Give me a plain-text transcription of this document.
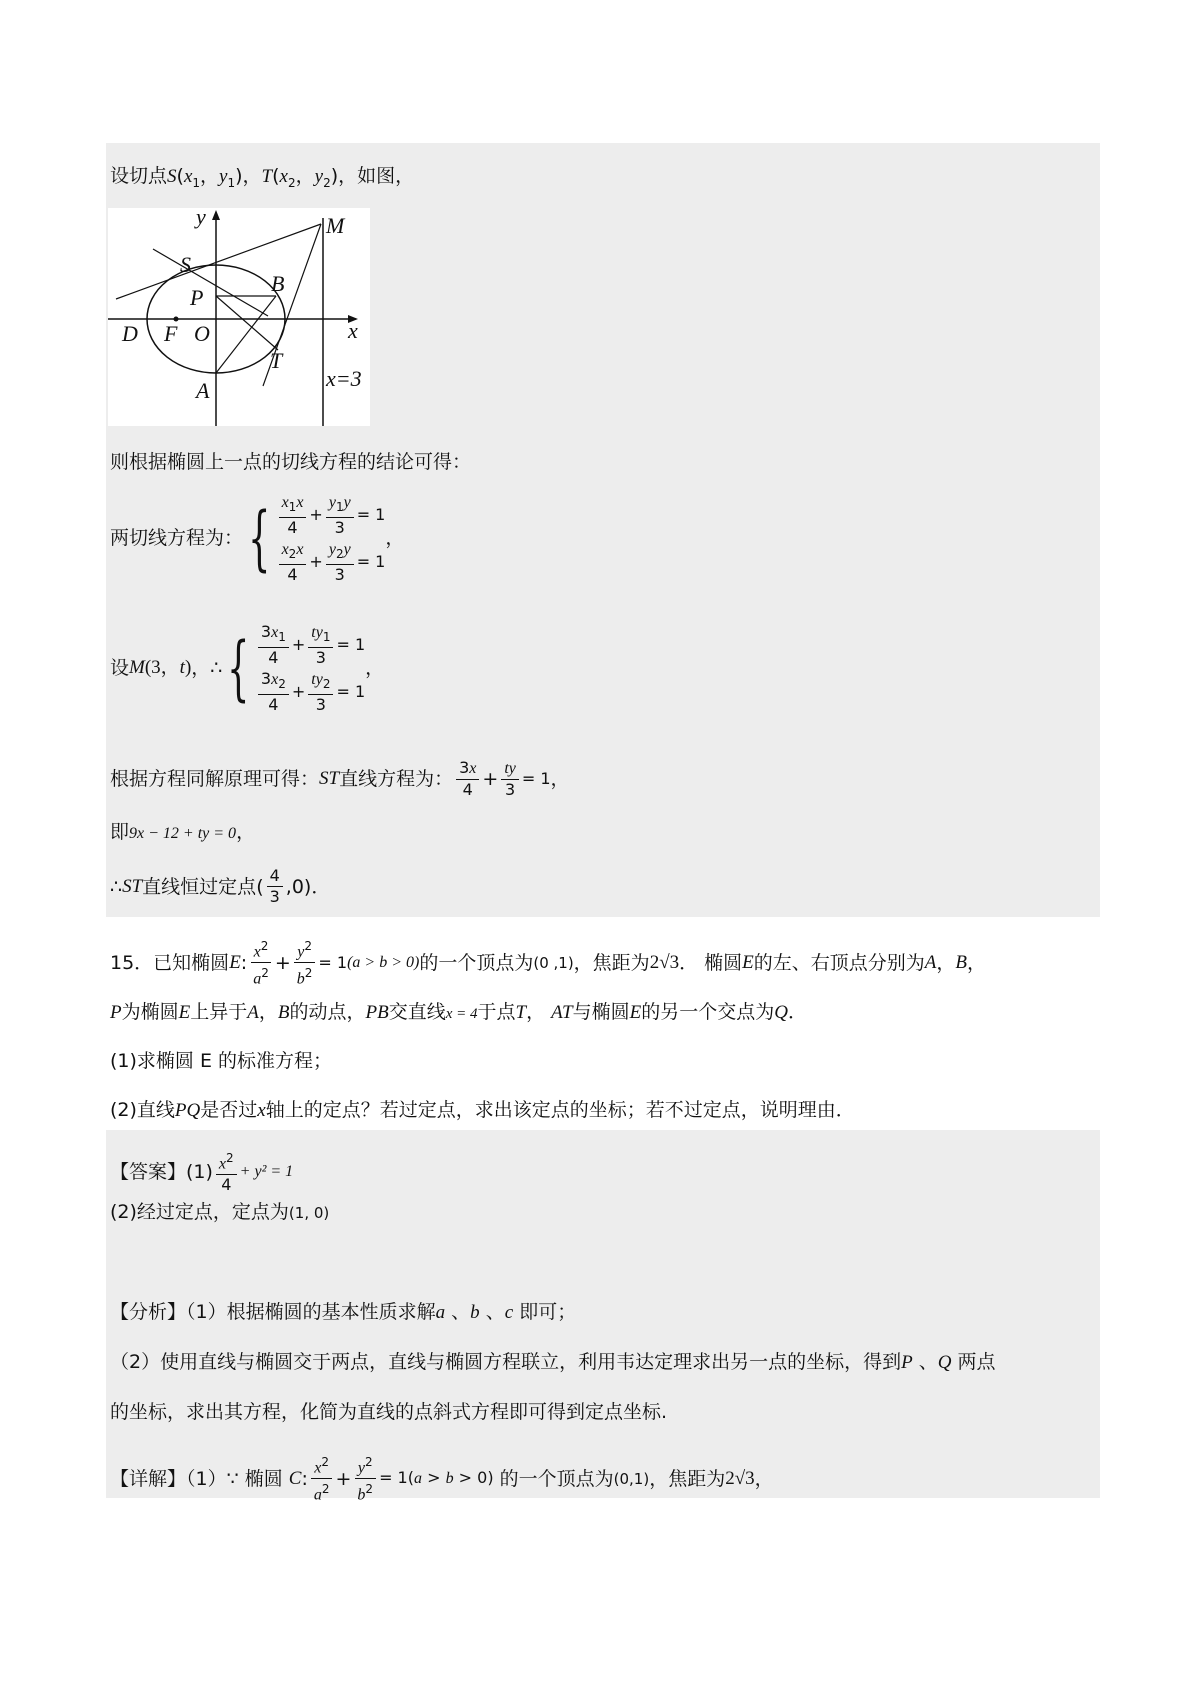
设切点$S(x_1$，$y_1$)，$T(x_2$，$y_2$)，如图，
y
x
M
S
B
P
D F O
T
A	x=3
则根据椭圆上一点的切线方程的结论可得：
两切线方程为： { $\frac{x_1x}{4} + \frac{y_1y}{3} = 1$
$\frac{x_2x}{4} + \frac{y_2y}{3} = 1$
，
设 M (3，t) ，∴ { $\frac{3x_1}{4} + \frac{ty_1}{3} = 1$
$\frac{3x_2}{4} + \frac{ty_2}{3} = 1$
，
根据方程同解原理可得： ST 直线方程为： $\frac{3x}{4} + \frac{ty}{3} = 1$ ，
即9x − 12 + ty = 0，
∴ ST 直线恒过定点 ( $\frac{4}{3} ,0$) ．
15．已知椭圆 E : $\frac{x^2}{a^2} + \frac{y^2}{b^2} = 1$ (a > b > 0) 的一个顶点为 (0 ,1) ，焦距为 2√3 ． 椭圆 E 的左、右顶点分别为 A ， B ，
P为椭圆E上异于A，B的动点，PB交直线x = 4于点T， AT与椭圆E的另一个交点为Q．
(1)求椭圆 E 的标准方程；
(2)直线PQ是否过x轴上的定点？若过定点，求出该定点的坐标；若不过定点，说明理由．
【答案】$(1) \frac{x^2}{4} + y^2 = 1$
(2)经过定点，定点为(1, 0)
【分析】（1）根据椭圆的基本性质求解a 、b 、c 即可；
（2）使用直线与椭圆交于两点，直线与椭圆方程联立，利用韦达定理求出另一点的坐标，得到P 、Q 两点
的坐标，求出其方程，化简为直线的点斜式方程即可得到定点坐标.
【详解】（1）∵ 椭圆
C : $\frac{x^2}{a^2} + \frac{y^2}{b^2} = 1(a > b > 0)$
的一个顶点为 (0,1) ，焦距为 2√3 ，
